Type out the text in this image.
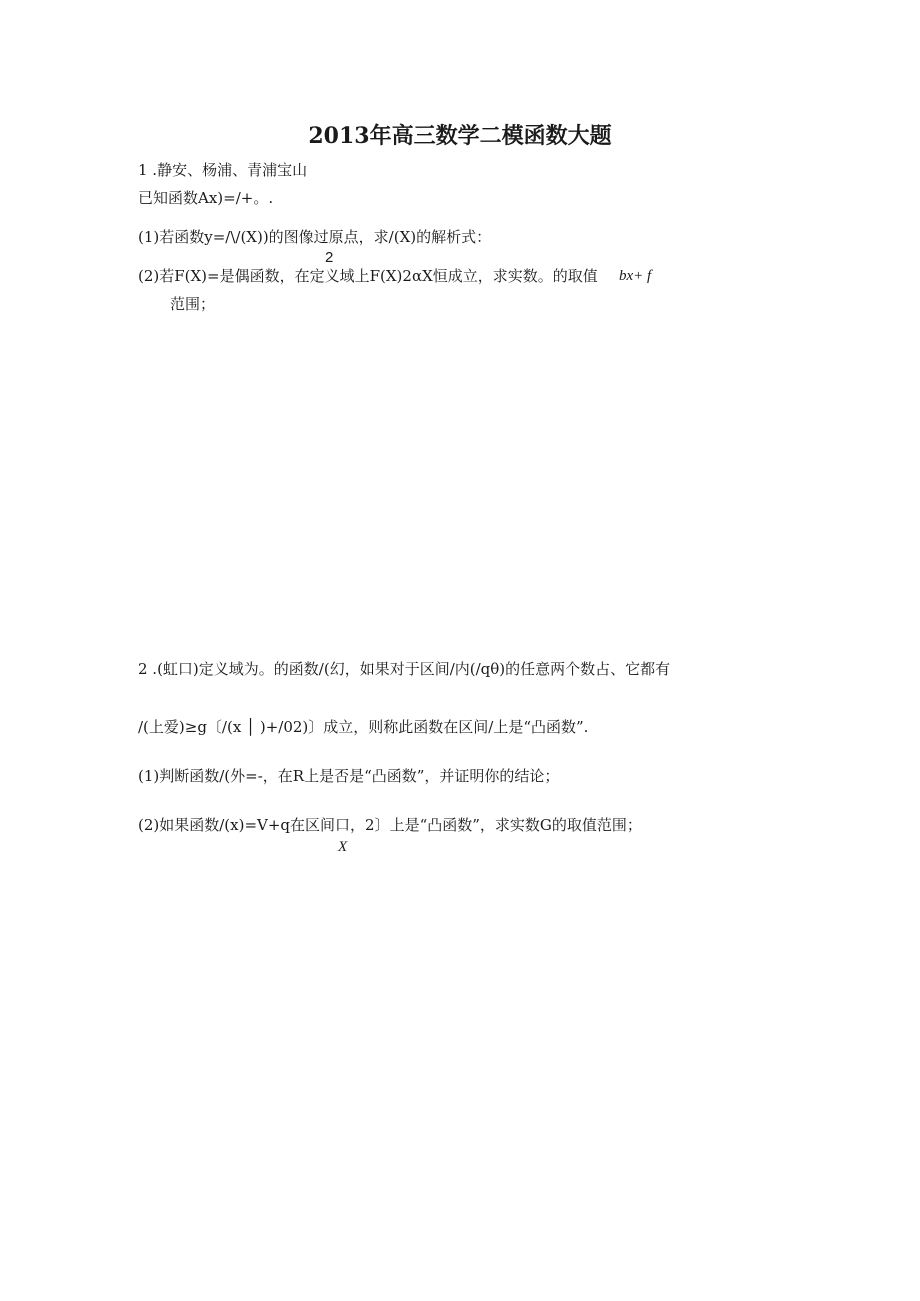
2013年高三数学二模函数大题
1 .静安、杨浦、青浦宝山
已知函数Ax)=/+。.
(1)若函数y=/\/(X))的图像过原点，求/(X)的解析式：
2
(2)若F(X)=是偶函数，在定义域上F(X)2αX恒成立，求实数。的取值 bx+ f
范围；
2 .(虹口)定义域为。的函数/(幻，如果对于区间/内(/qθ)的任意两个数占、它都有
/(上爱)≥g〔/(x │ )+/02)〕成立，则称此函数在区间/上是“凸函数”.
(1)判断函数/(外=-，在R上是否是“凸函数”，并证明你的结论；
(2)如果函数/(x)=V+q在区间口，2〕上是“凸函数”，求实数G的取值范围；
X
